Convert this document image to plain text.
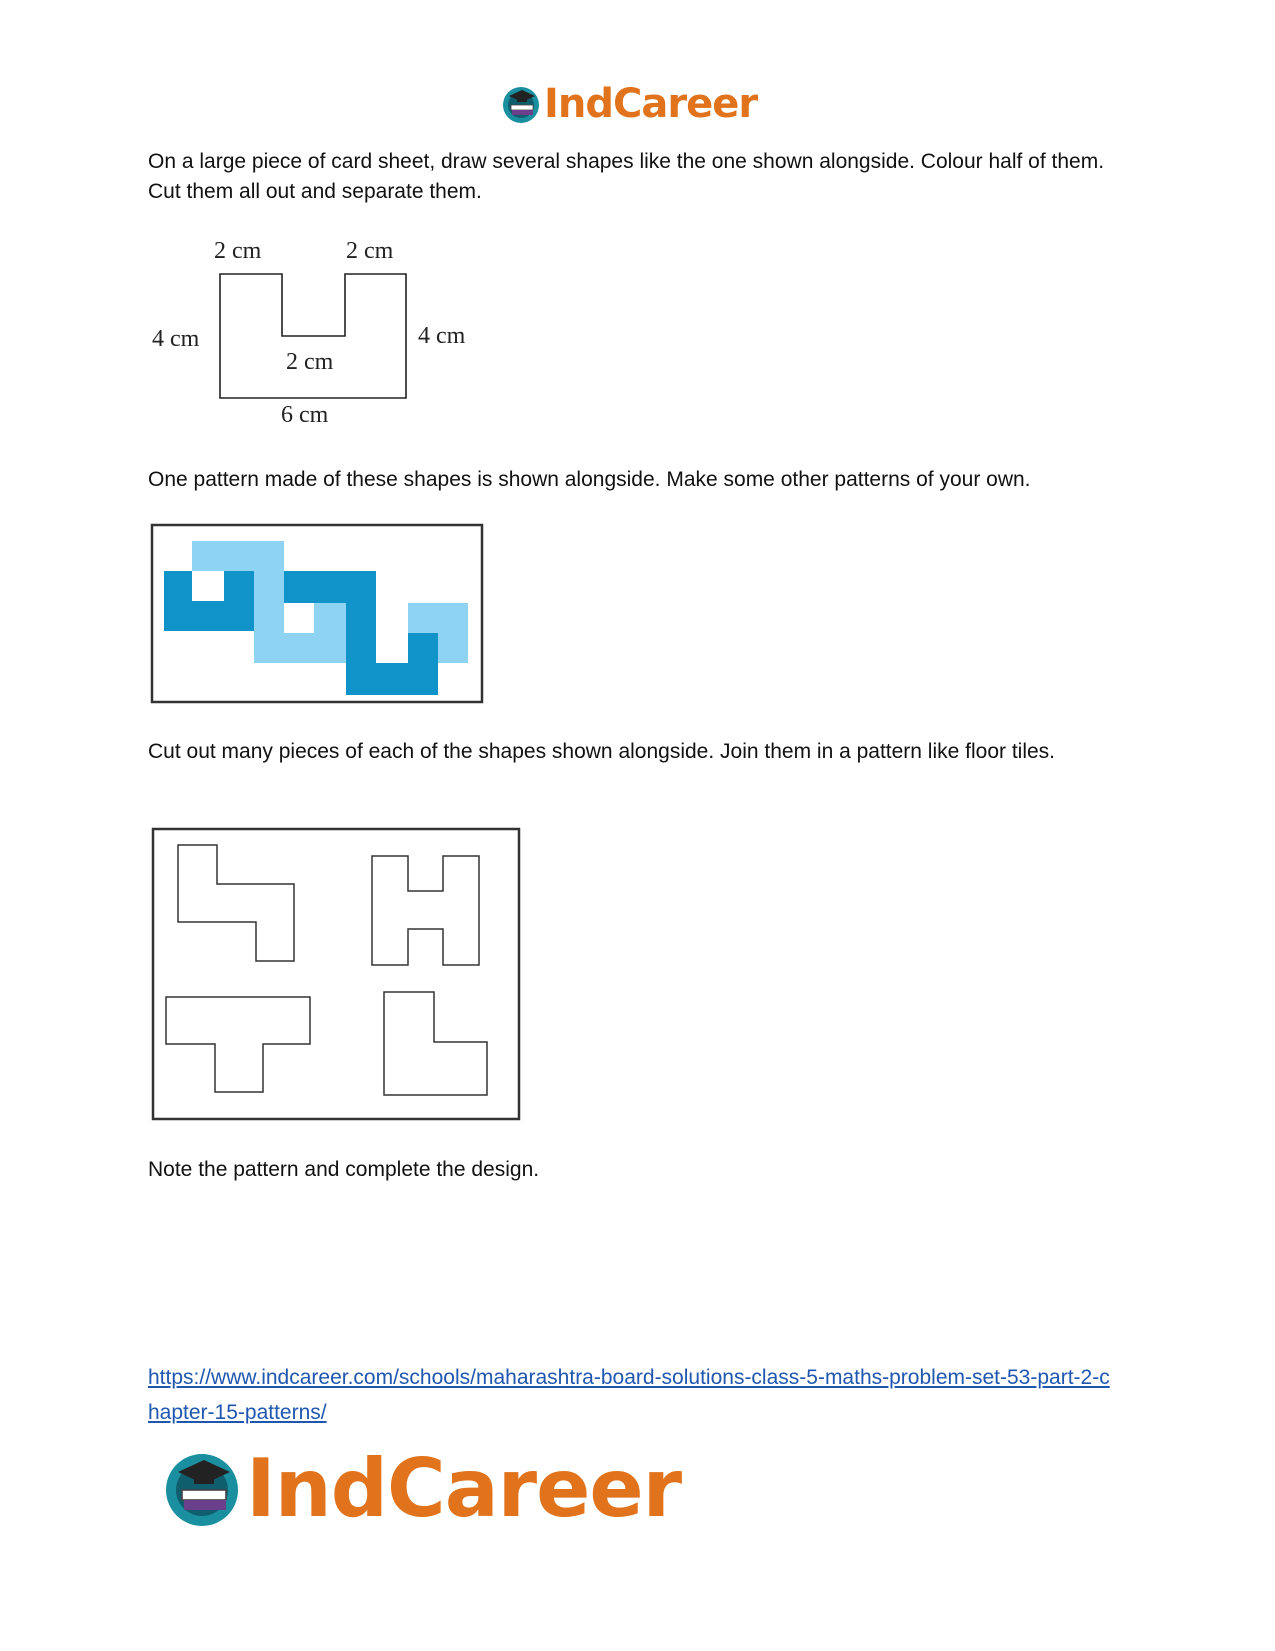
IndCareer

On a large piece of card sheet, draw several shapes like the one shown alongside. Colour half of them. Cut them all out and separate them.

2 cm	2 cm
4 cm	4 cm
2 cm
6 cm

One pattern made of these shapes is shown alongside. Make some other patterns of your own.

Cut out many pieces of each of the shapes shown alongside. Join them in a pattern like floor tiles.

Note the pattern and complete the design.

https://www.indcareer.com/schools/maharashtra-board-solutions-class-5-maths-problem-set-53-part-2-chapter-15-patterns/
IndCareer
